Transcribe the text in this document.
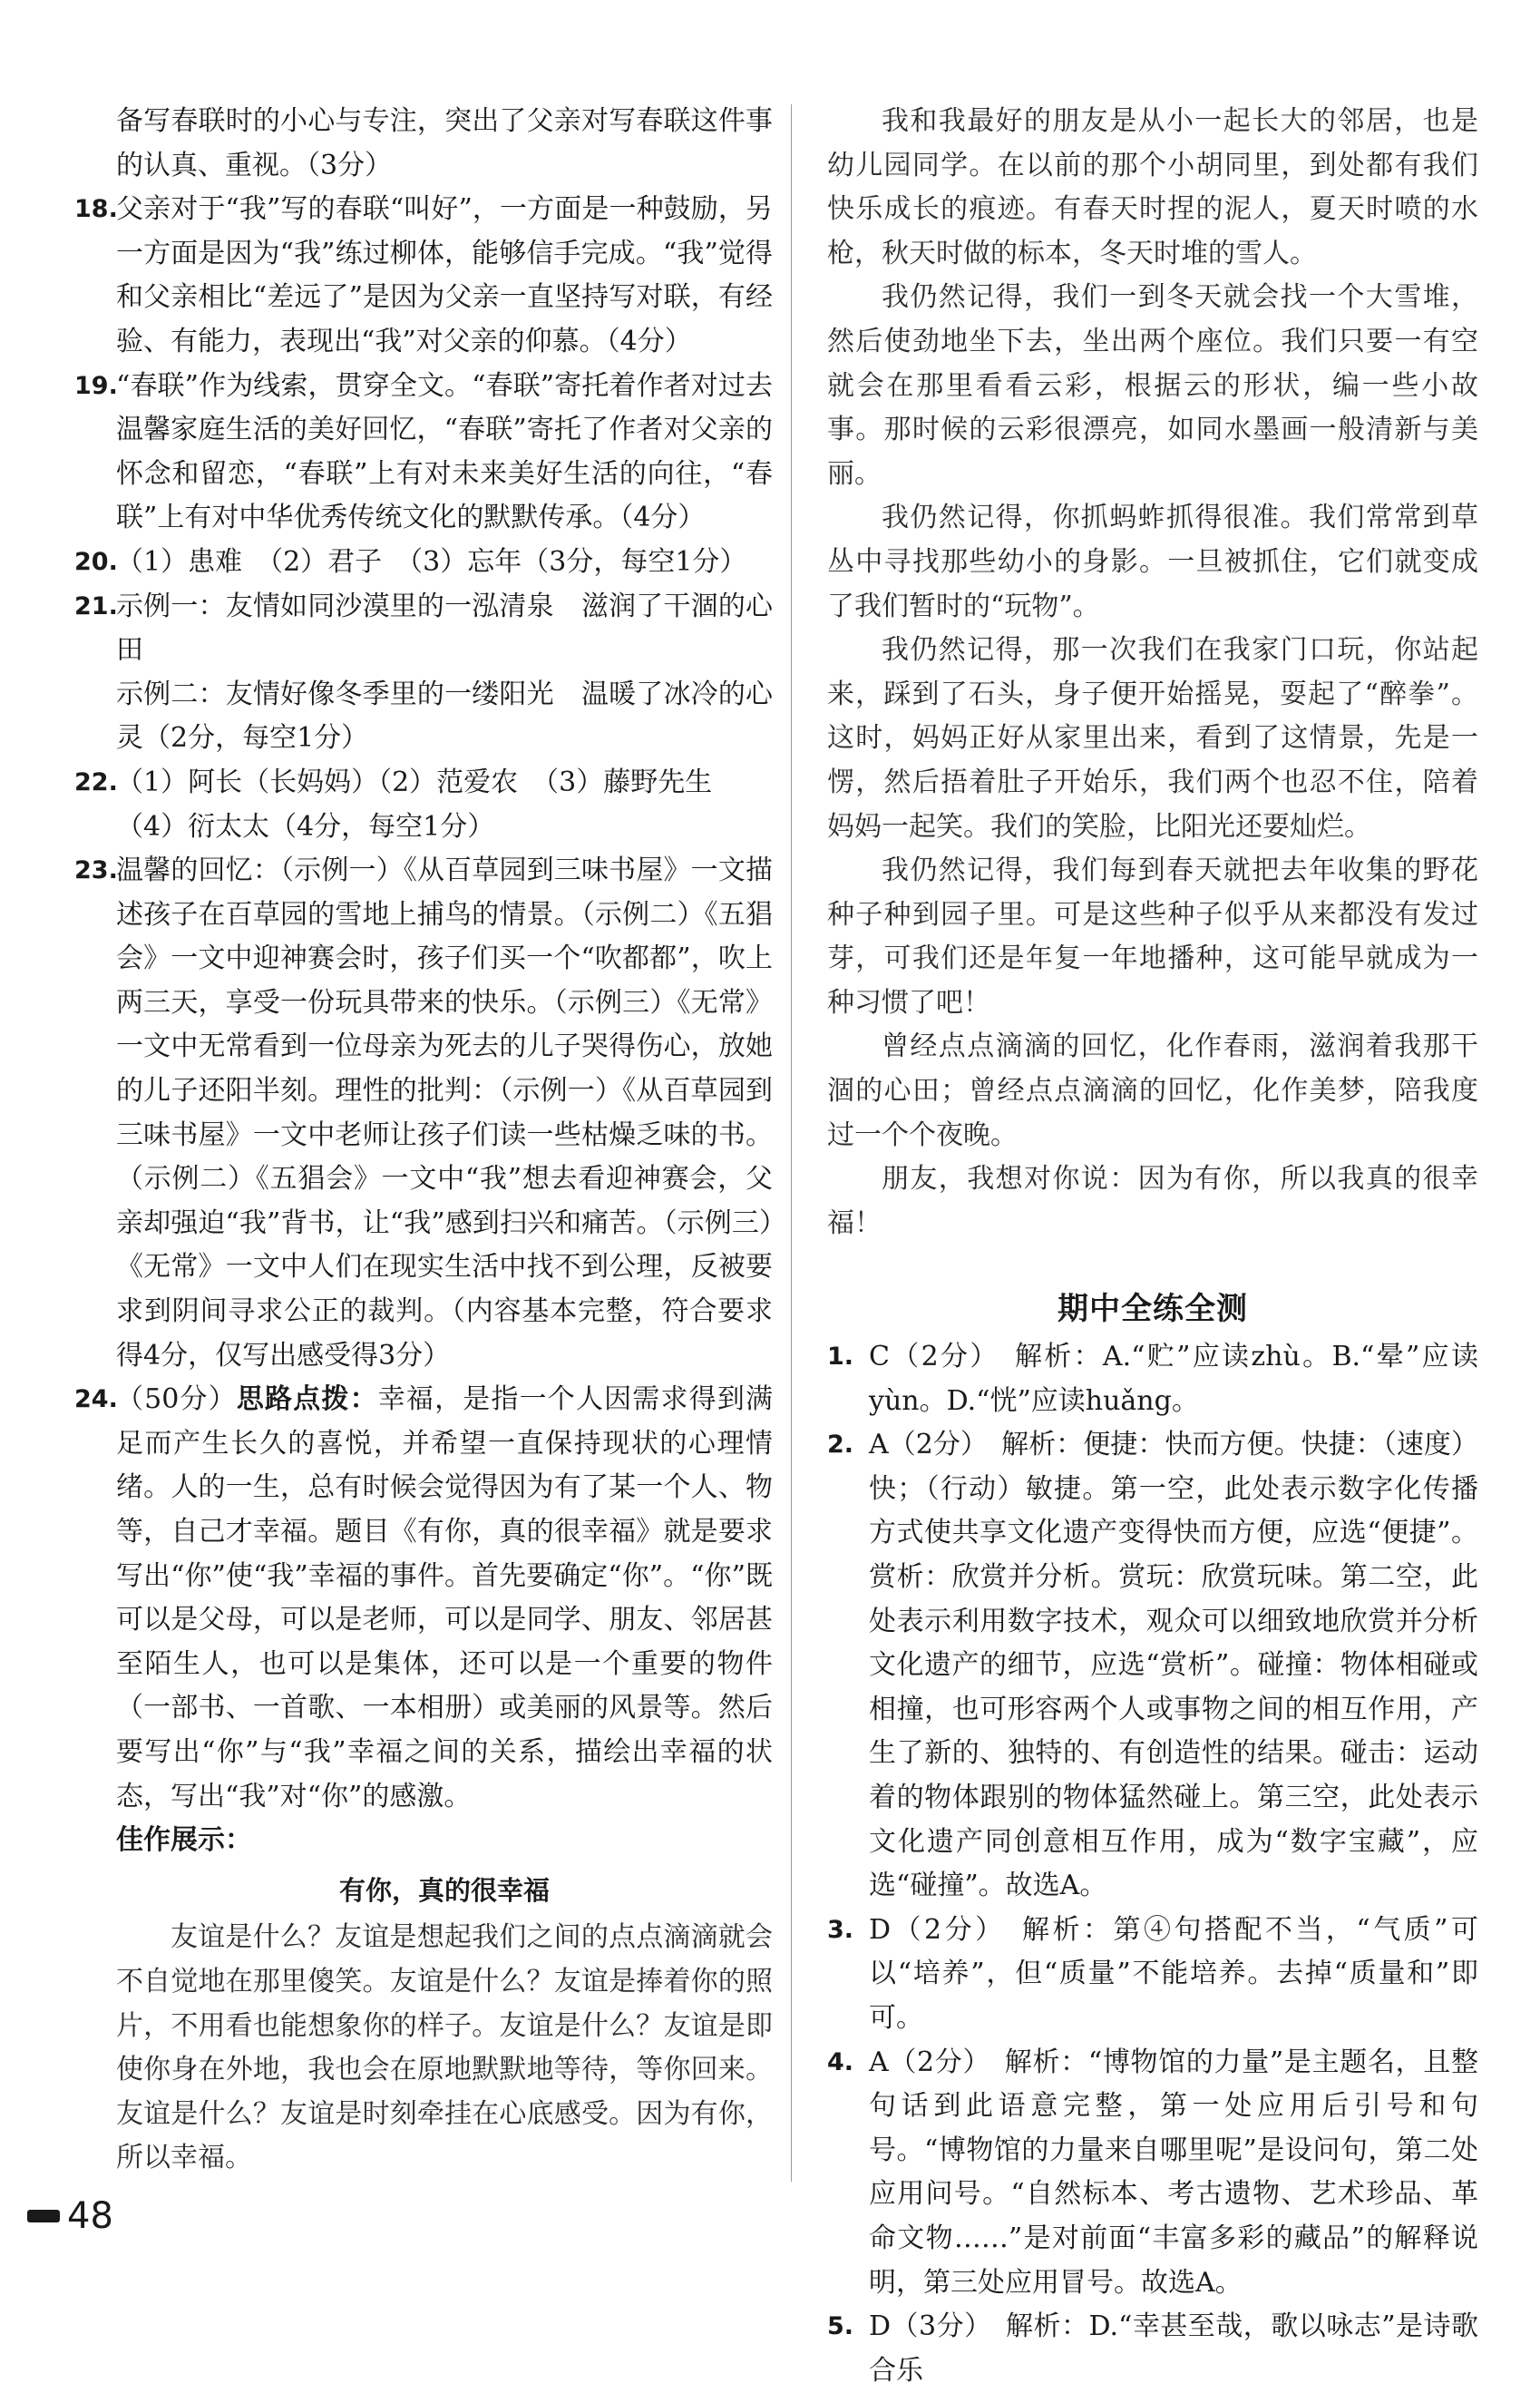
备写春联时的小心与专注，突出了父亲对写春联这件事的认真、重视。（3分）

18.
父亲对于“我”写的春联“叫好”，一方面是一种鼓励，另一方面是因为“我”练过柳体，能够信手完成。“我”觉得和父亲相比“差远了”是因为父亲一直坚持写对联，有经验、有能力，表现出“我”对父亲的仰慕。（4分）
19.
“春联”作为线索，贯穿全文。“春联”寄托着作者对过去温馨家庭生活的美好回忆，“春联”寄托了作者对父亲的怀念和留恋，“春联”上有对未来美好生活的向往，“春联”上有对中华优秀传统文化的默默传承。（4分）
20.
（1）患难　（2）君子　（3）忘年（3分，每空1分）
21.
示例一：友情如同沙漠里的一泓清泉　滋润了干涸的心田

示例二：友情好像冬季里的一缕阳光　温暖了冰冷的心灵（2分，每空1分）

22.
（1）阿长（长妈妈）（2）范爱农　（3）藤野先生

（4）衍太太（4分，每空1分）

23.
温馨的回忆：（示例一）《从百草园到三味书屋》一文描述孩子在百草园的雪地上捕鸟的情景。（示例二）《五猖会》一文中迎神赛会时，孩子们买一个“吹都都”，吹上两三天，享受一份玩具带来的快乐。（示例三）《无常》一文中无常看到一位母亲为死去的儿子哭得伤心，放她的儿子还阳半刻。理性的批判：（示例一）《从百草园到三味书屋》一文中老师让孩子们读一些枯燥乏味的书。（示例二）《五猖会》一文中“我”想去看迎神赛会，父亲却强迫“我”背书，让“我”感到扫兴和痛苦。（示例三）《无常》一文中人们在现实生活中找不到公理，反被要求到阴间寻求公正的裁判。（内容基本完整，符合要求得4分，仅写出感受得3分）
24.
（50分）思路点拨：幸福，是指一个人因需求得到满足而产生长久的喜悦，并希望一直保持现状的心理情绪。人的一生，总有时候会觉得因为有了某一个人、物等，自己才幸福。题目《有你，真的很幸福》就是要求写出“你”使“我”幸福的事件。首先要确定“你”。“你”既可以是父母，可以是老师，可以是同学、朋友、邻居甚至陌生人，也可以是集体，还可以是一个重要的物件（一部书、一首歌、一本相册）或美丽的风景等。然后要写出“你”与“我”幸福之间的关系，描绘出幸福的状态，写出“我”对“你”的感激。

佳作展示：

有你，真的很幸福

友谊是什么？友谊是想起我们之间的点点滴滴就会不自觉地在那里傻笑。友谊是什么？友谊是捧着你的照片，不用看也能想象你的样子。友谊是什么？友谊是即使你身在外地，我也会在原地默默地等待，等你回来。友谊是什么？友谊是时刻牵挂在心底感受。因为有你，所以幸福。

我和我最好的朋友是从小一起长大的邻居，也是幼儿园同学。在以前的那个小胡同里，到处都有我们快乐成长的痕迹。有春天时捏的泥人，夏天时喷的水枪，秋天时做的标本，冬天时堆的雪人。

我仍然记得，我们一到冬天就会找一个大雪堆，然后使劲地坐下去，坐出两个座位。我们只要一有空就会在那里看看云彩，根据云的形状，编一些小故事。那时候的云彩很漂亮，如同水墨画一般清新与美丽。

我仍然记得，你抓蚂蚱抓得很准。我们常常到草丛中寻找那些幼小的身影。一旦被抓住，它们就变成了我们暂时的“玩物”。

我仍然记得，那一次我们在我家门口玩，你站起来，踩到了石头，身子便开始摇晃，耍起了“醉拳”。这时，妈妈正好从家里出来，看到了这情景，先是一愣，然后捂着肚子开始乐，我们两个也忍不住，陪着妈妈一起笑。我们的笑脸，比阳光还要灿烂。

我仍然记得，我们每到春天就把去年收集的野花种子种到园子里。可是这些种子似乎从来都没有发过芽，可我们还是年复一年地播种，这可能早就成为一种习惯了吧！

曾经点点滴滴的回忆，化作春雨，滋润着我那干涸的心田；曾经点点滴滴的回忆，化作美梦，陪我度过一个个夜晚。

朋友，我想对你说：因为有你，所以我真的很幸福！

期中全练全测

1. C（2分）　解析：A.“贮”应读zhù。B.“晕”应读yùn。D.“恍”应读huǎng。
2. A（2分）　解析：便捷：快而方便。快捷：（速度）快；（行动）敏捷。第一空，此处表示数字化传播方式使共享文化遗产变得快而方便，应选“便捷”。赏析：欣赏并分析。赏玩：欣赏玩味。第二空，此处表示利用数字技术，观众可以细致地欣赏并分析文化遗产的细节，应选“赏析”。碰撞：物体相碰或相撞，也可形容两个人或事物之间的相互作用，产生了新的、独特的、有创造性的结果。碰击：运动着的物体跟别的物体猛然碰上。第三空，此处表示文化遗产同创意相互作用，成为“数字宝藏”，应选“碰撞”。故选A。
3. D（2分）　解析：第④句搭配不当，“气质”可以“培养”，但“质量”不能培养。去掉“质量和”即可。
4. A（2分）　解析：“博物馆的力量”是主题名，且整句话到此语意完整，第一处应用后引号和句号。“博物馆的力量来自哪里呢”是设问句，第二处应用问号。“自然标本、考古遗物、艺术珍品、革命文物……”是对前面“丰富多彩的藏品”的解释说明，第三处应用冒号。故选A。
5. D（3分）　解析：D.“幸甚至哉，歌以咏志”是诗歌合乐
48
